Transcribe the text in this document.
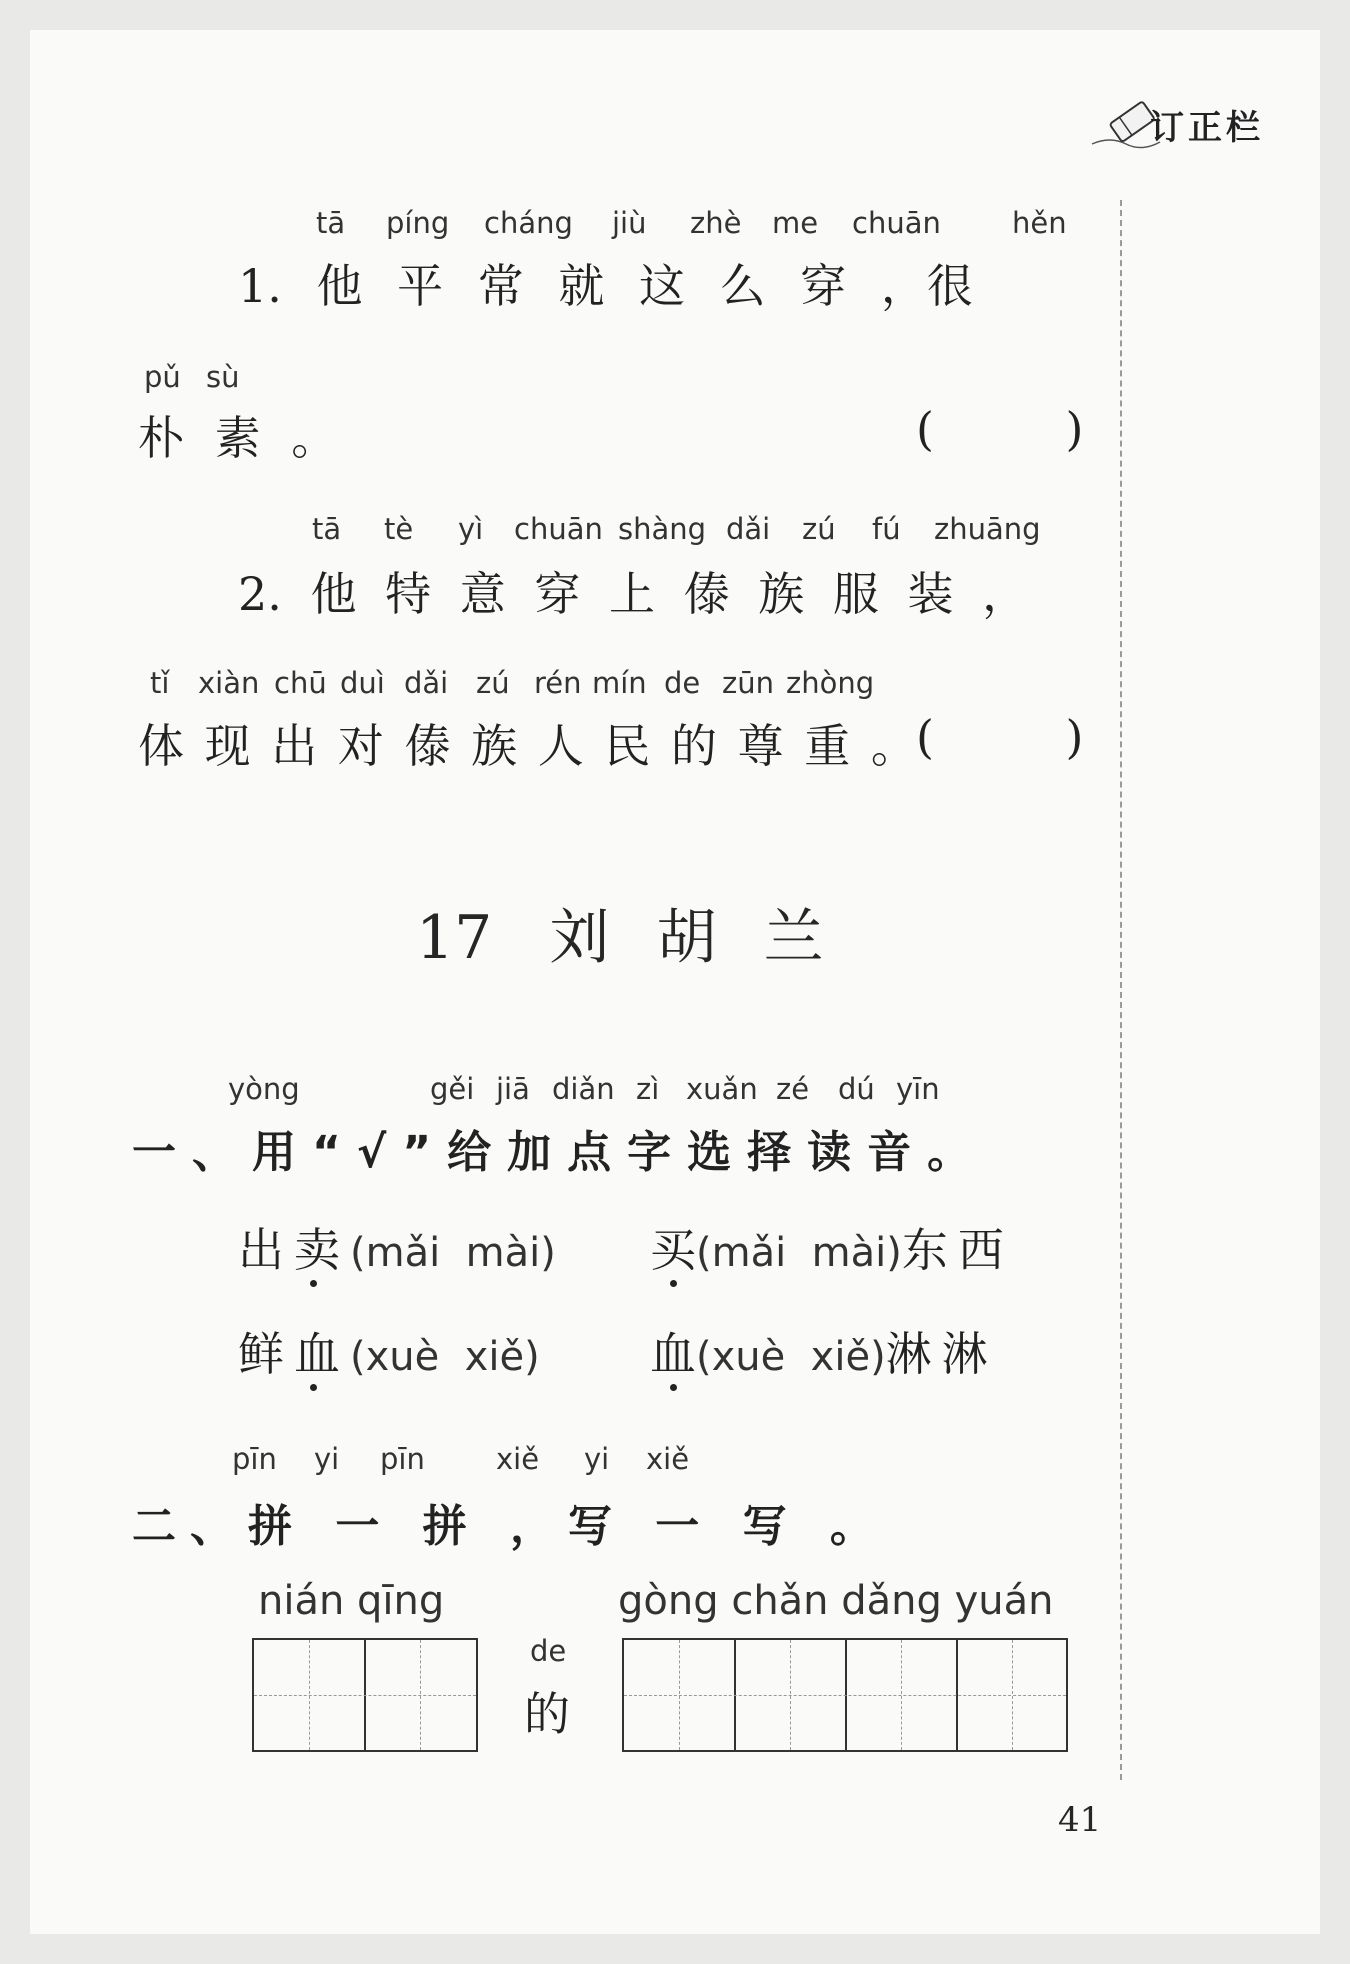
订正栏
tā píng cháng jiù zhè me chuān hěn
1. 他 平 常 就 这 么 穿 ，很
pǔ sù
朴 素 。	(         )
tā tè yì chuān shàng dǎi zú fú zhuāng
2. 他 特 意 穿 上 傣 族 服 装 ，
tǐ xiàn chū duì dǎi zú rén mín de zūn zhòng
体 现 出 对 傣 族 人 民 的 尊 重 。 (         )
17 刘 胡 兰
yòng	gěi jiā diǎn zì xuǎn zé dú yīn
一、用“√”给加点字选择读音。
出卖(mǎi  mài) 买(mǎi  mài)东西
鲜血(xuè  xiě) 血(xuè  xiě)淋淋
pīn yi pīn xiě yi xiě
二、拼 一 拼 ，写 一 写 。
nián qīng
de
的
gòng chǎn dǎng yuán
41
